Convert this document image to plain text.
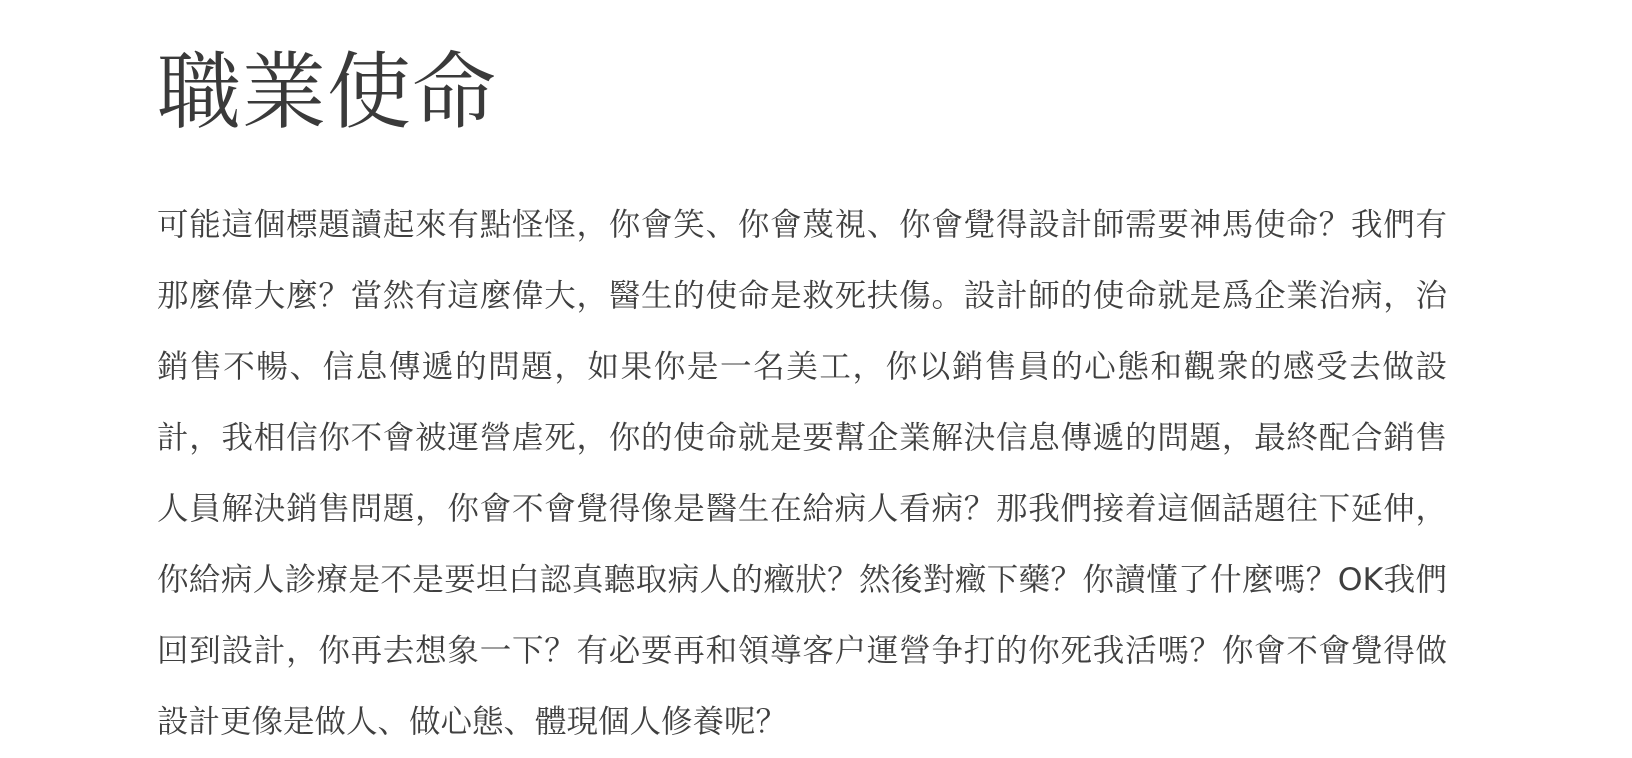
職業使命

可能這個標題讀起來有點怪怪，你會笑、你會蔑視、你會覺得設計師需要神馬使命？我們有那麼偉大麼？當然有這麼偉大，醫生的使命是救死扶傷。設計師的使命就是爲企業治病，治銷售不暢、信息傳遞的問題，如果你是一名美工，你以銷售員的心態和觀衆的感受去做設計，我相信你不會被運營虐死，你的使命就是要幫企業解決信息傳遞的問題，最終配合銷售人員解決銷售問題，你會不會覺得像是醫生在給病人看病？那我們接着這個話題往下延伸，你給病人診療是不是要坦白認真聽取病人的癥狀？然後對癥下藥？你讀懂了什麼嗎？OK我們回到設計，你再去想象一下？有必要再和領導客户運營争打的你死我活嗎？你會不會覺得做設計更像是做人、做心態、體現個人修養呢？
